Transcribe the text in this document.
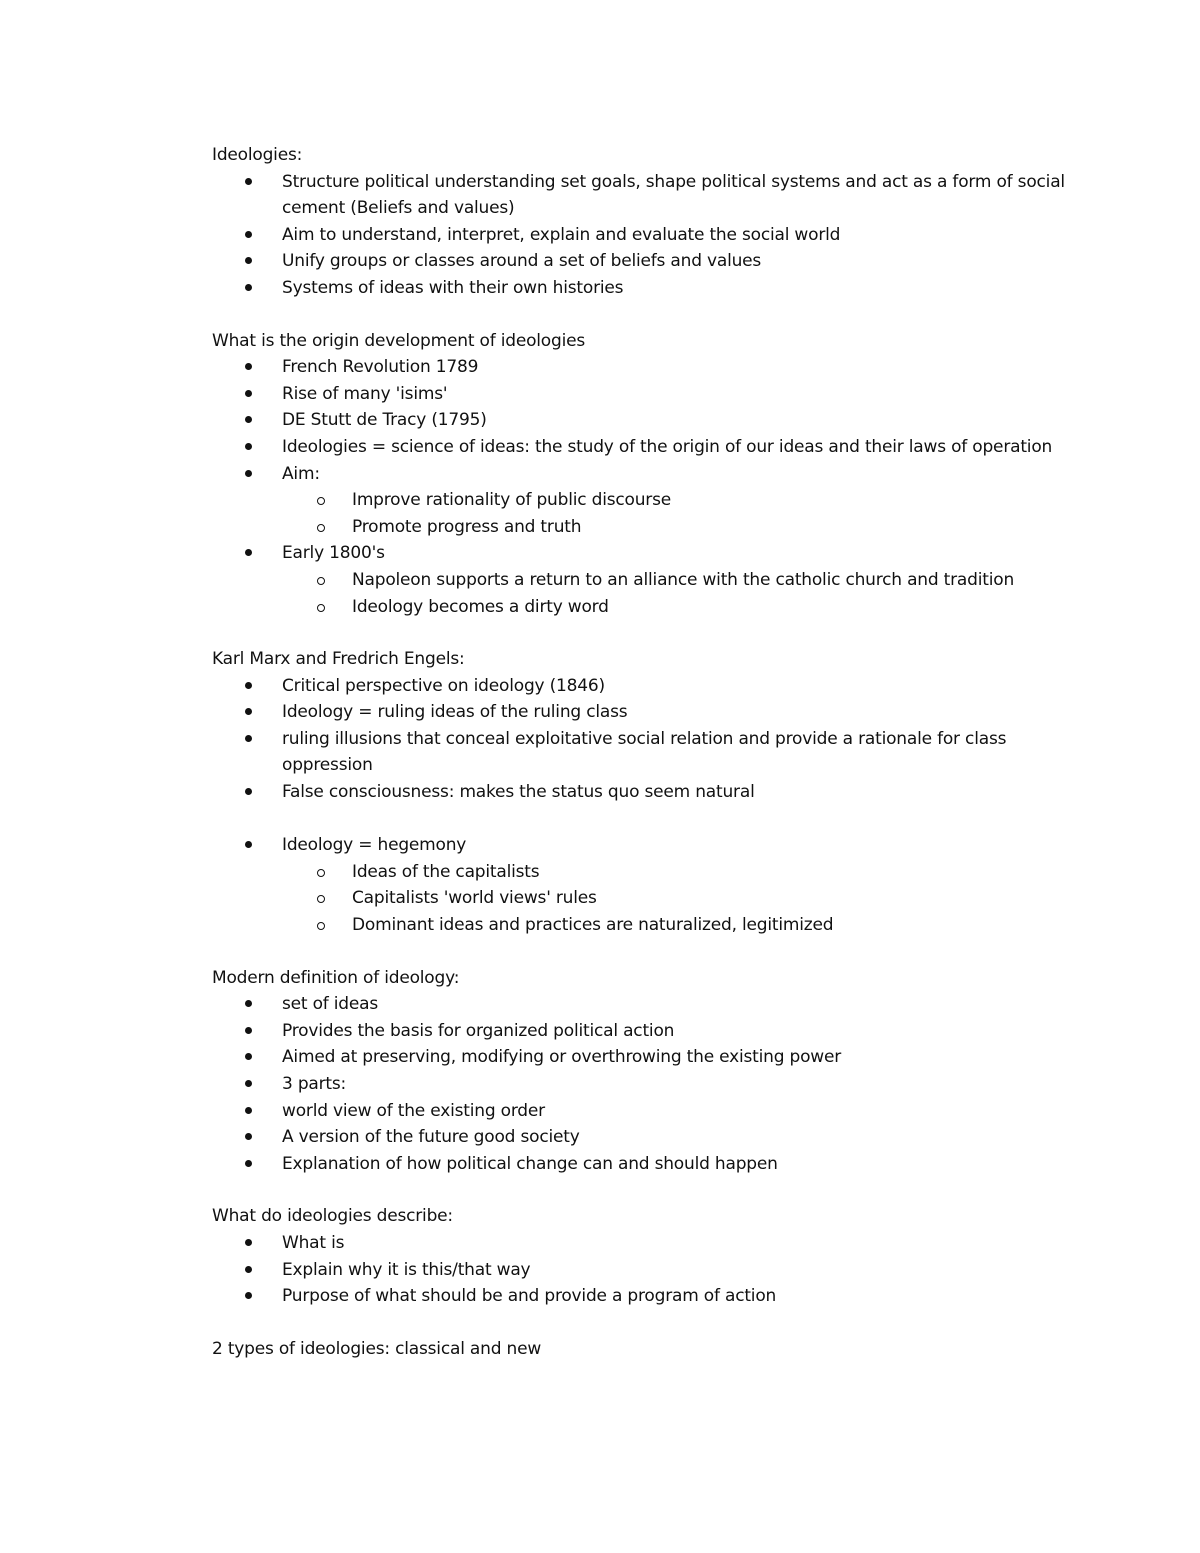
Ideologies:
Structure political understanding set goals, shape political systems and act as a form of social cement (Beliefs and values)
Aim to understand, interpret, explain and evaluate the social world
Unify groups or classes around a set of beliefs and values
Systems of ideas with their own histories
What is the origin development of ideologies
French Revolution 1789
Rise of many 'isims'
DE Stutt de Tracy (1795)
Ideologies = science of ideas: the study of the origin of our ideas and their laws of operation
Aim:
Improve rationality of public discourse
Promote progress and truth
Early 1800's
Napoleon supports a return to an alliance with the catholic church and tradition
Ideology becomes a dirty word
Karl Marx and Fredrich Engels:
Critical perspective on ideology (1846)
Ideology = ruling ideas of the ruling class
ruling illusions that conceal exploitative social relation and provide a rationale for class oppression
False consciousness: makes the status quo seem natural
Ideology = hegemony
Ideas of the capitalists
Capitalists 'world views' rules
Dominant ideas and practices are naturalized, legitimized
Modern definition of ideology:
set of ideas
Provides the basis for organized political action
Aimed at preserving, modifying or overthrowing the existing power
3 parts:
world view of the existing order
A version of the future good society
Explanation of how political change can and should happen
What do ideologies describe:
What is
Explain why it is this/that way
Purpose of what should be and provide a program of action
2 types of ideologies: classical and new
